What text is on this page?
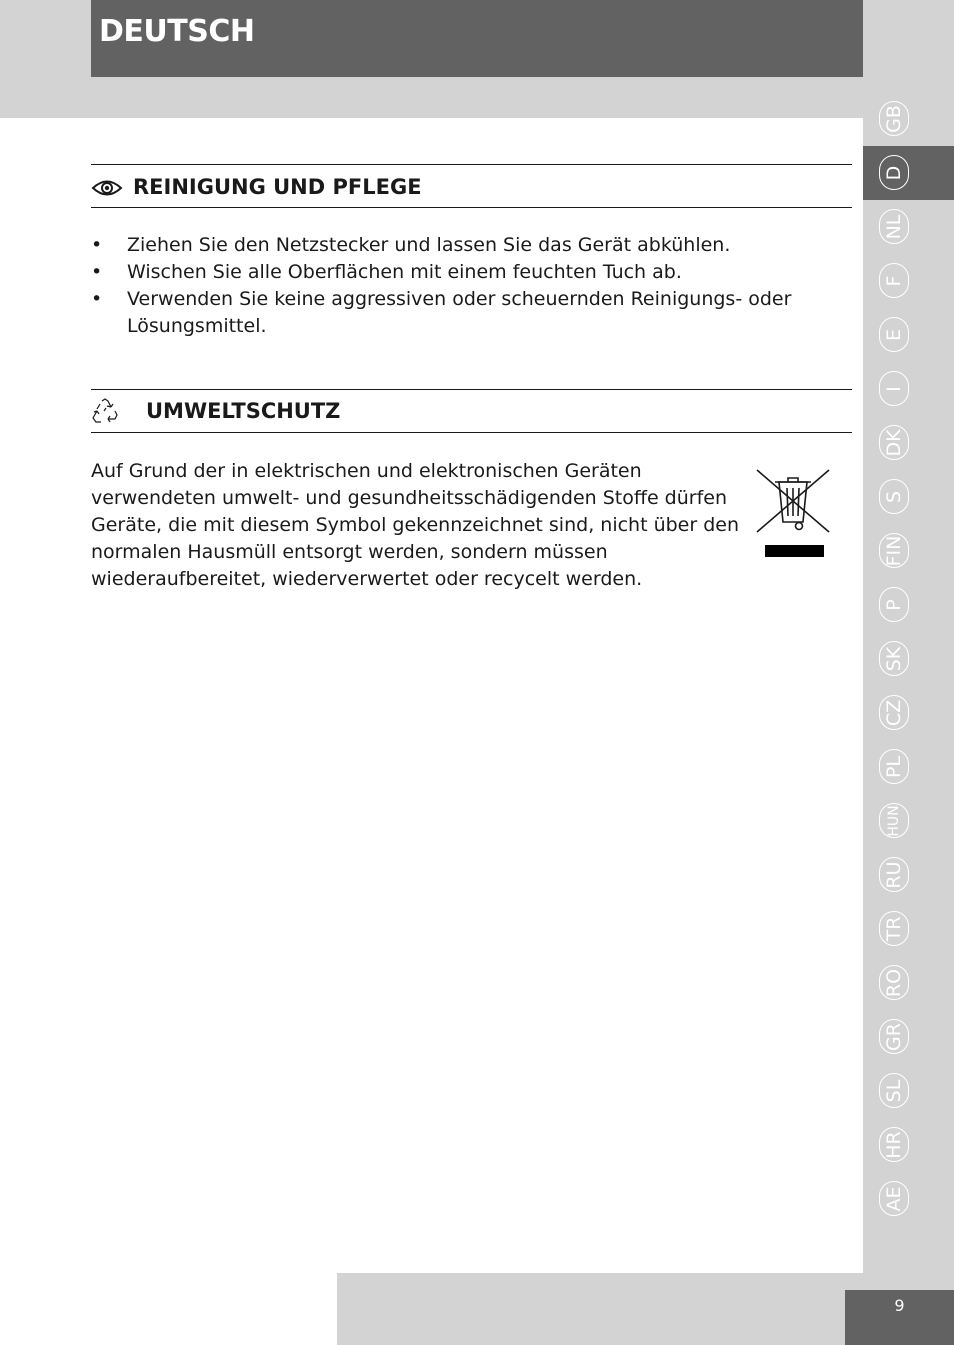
DEUTSCH
GB
D
NL
F
E
I
DK
S
FIN
P
SK
CZ
PL
HUN
RU
TR
RO
GR
SL
HR
AE
REINIGUNG UND PFLEGE
• Ziehen Sie den Netzstecker und lassen Sie das Gerät abkühlen.
• Wischen Sie alle Oberflächen mit einem feuchten Tuch ab.
• Verwenden Sie keine aggressiven oder scheuernden Reinigungs- oder Lösungsmittel.
UMWELTSCHUTZ
Auf Grund der in elektrischen und elektronischen Geräten verwendeten umwelt- und gesundheitsschädigenden Stoffe dürfen Geräte, die mit diesem Symbol gekennzeichnet sind, nicht über den normalen Hausmüll entsorgt werden, sondern müssen wiederaufbereitet, wiederverwertet oder recycelt werden.
9
